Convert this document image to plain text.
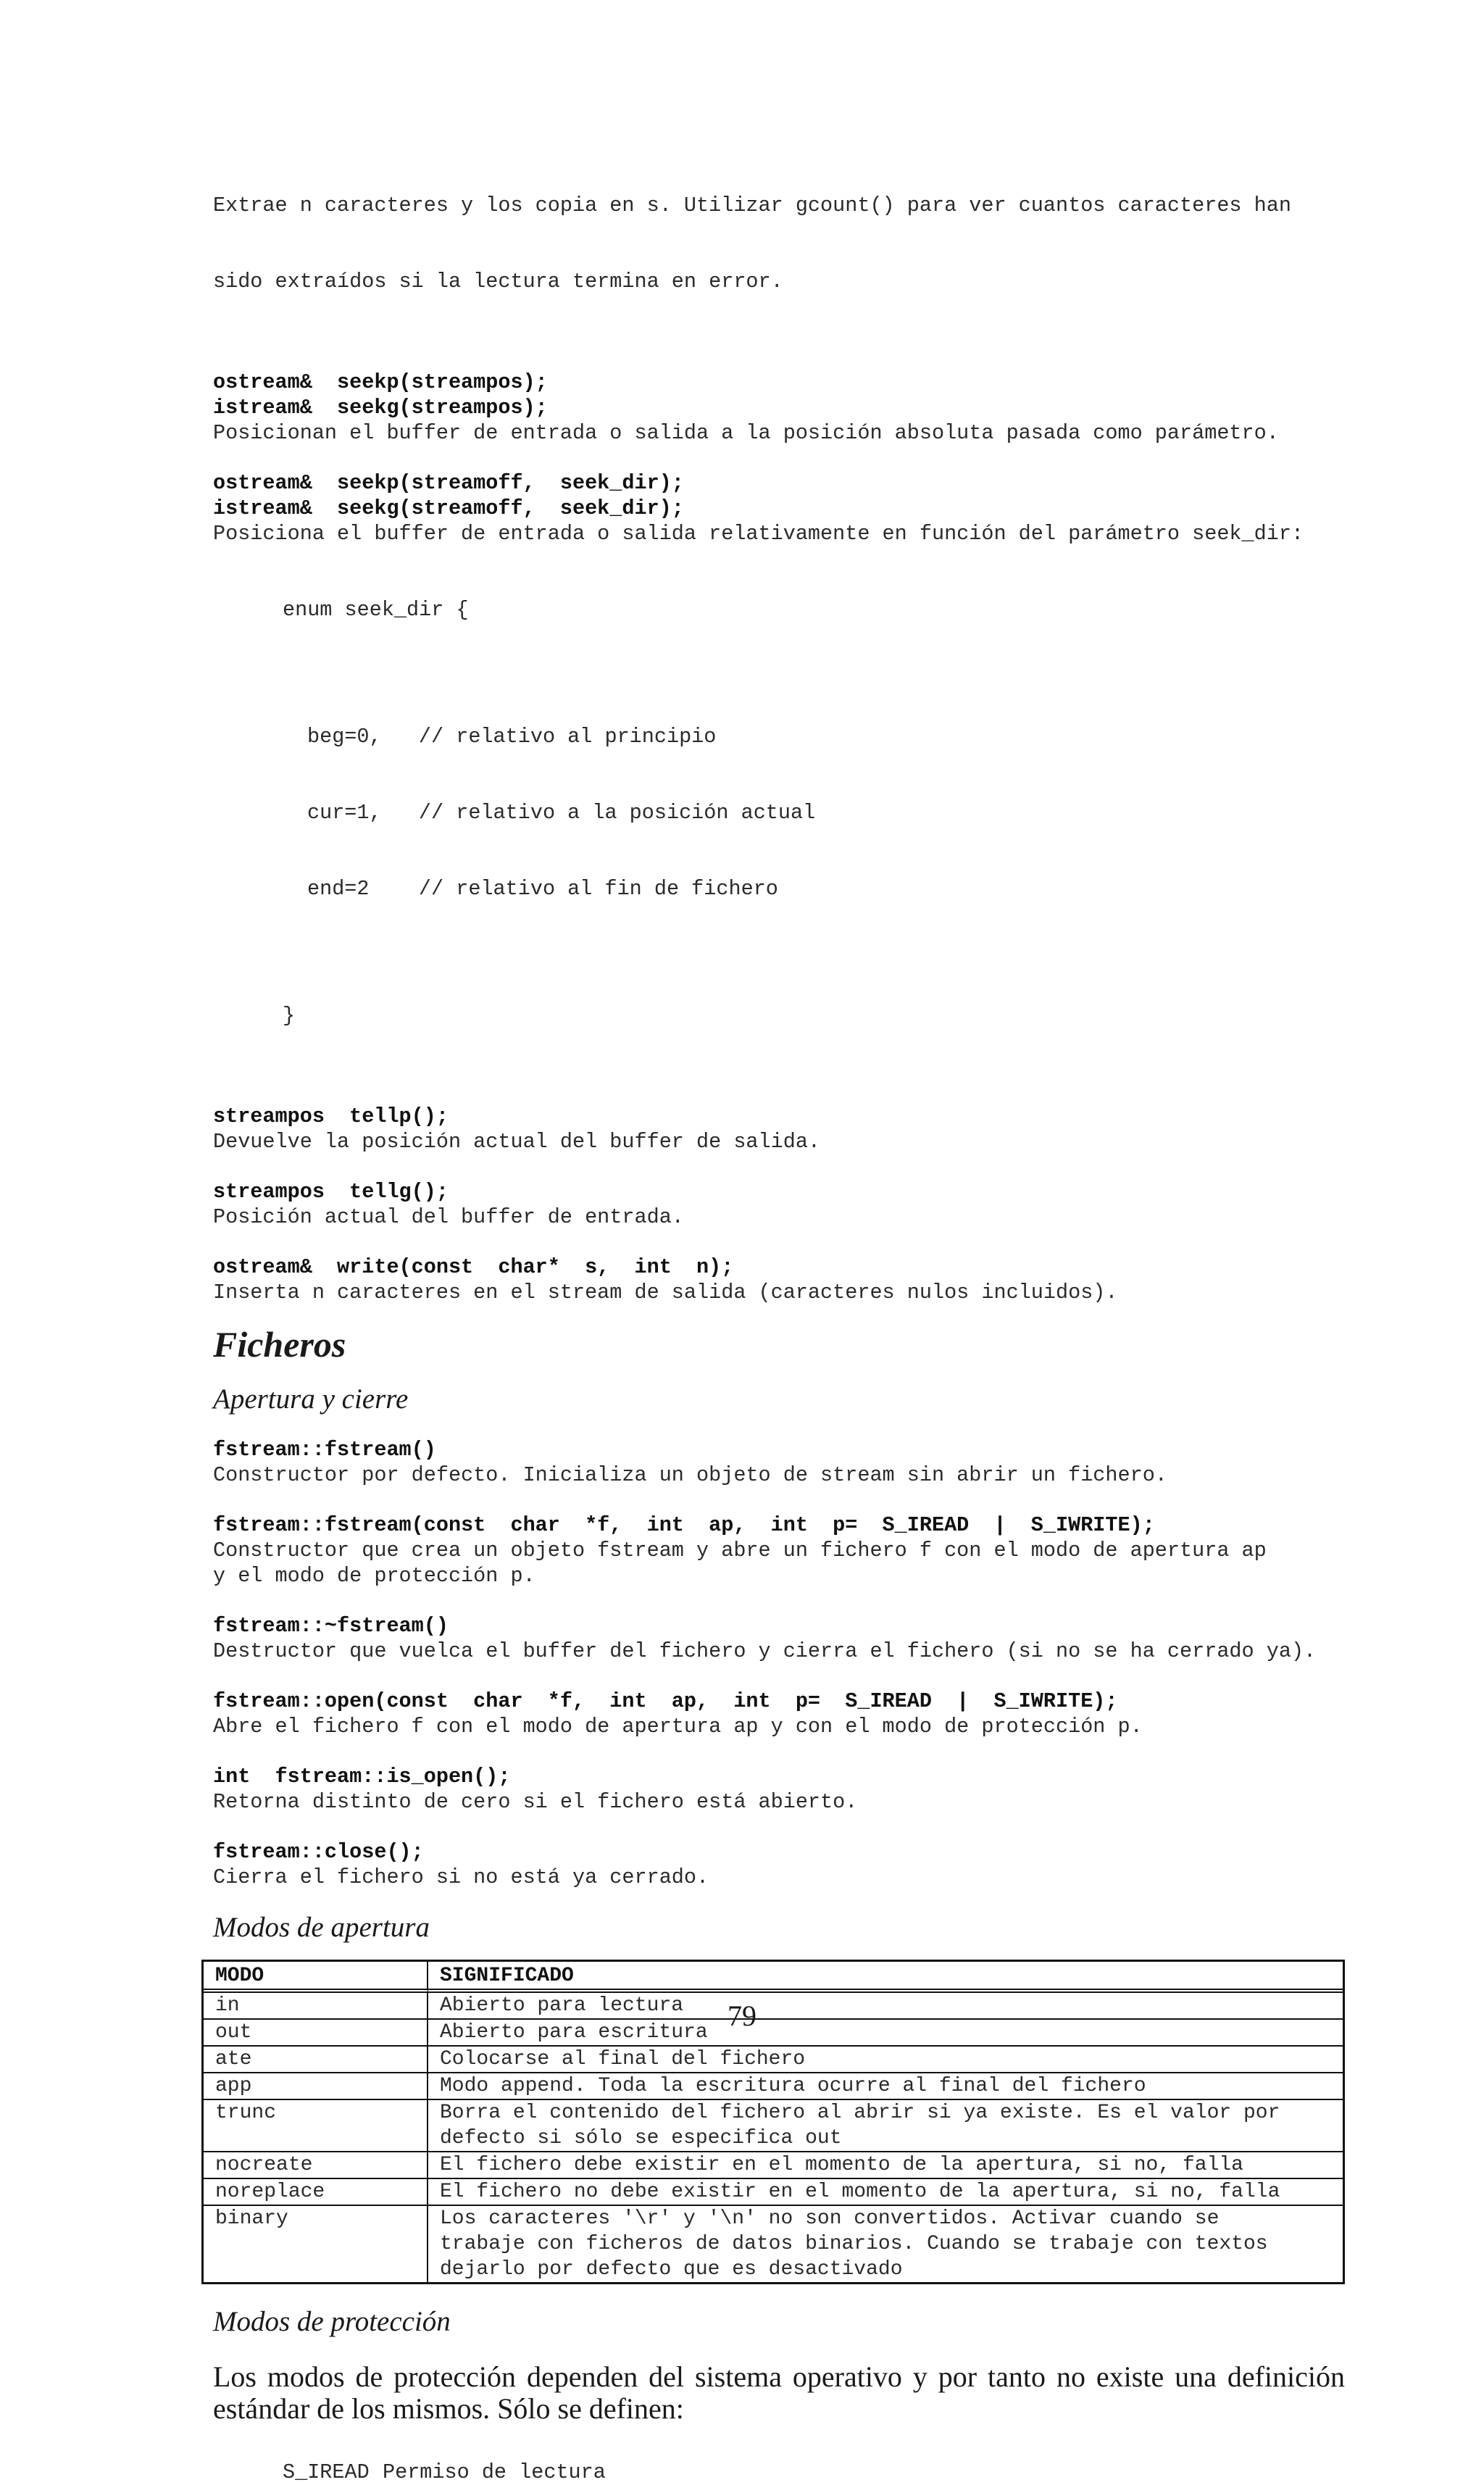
Extrae n caracteres y los copia en s. Utilizar gcount() para ver cuantos caracteres han

sido extraídos si la lectura termina en error.

ostream&  seekp(streampos);
istream&  seekg(streampos);
Posicionan el buffer de entrada o salida a la posición absoluta pasada como parámetro.
ostream&  seekp(streamoff,  seek_dir);
istream&  seekg(streamoff,  seek_dir);
Posiciona el buffer de entrada o salida relativamente en función del parámetro seek_dir:

enum seek_dir {

beg=0,   // relativo al principio

cur=1,   // relativo a la posición actual

end=2    // relativo al fin de fichero

}

streampos  tellp();
Devuelve la posición actual del buffer de salida.
streampos  tellg();
Posición actual del buffer de entrada.
ostream&  write(const  char*  s,  int  n);
Inserta n caracteres en el stream de salida (caracteres nulos incluidos).
Ficheros
Apertura y cierre
fstream::fstream()
Constructor por defecto. Inicializa un objeto de stream sin abrir un fichero.
fstream::fstream(const  char  *f,  int  ap,  int  p=  S_IREAD  |  S_IWRITE);
Constructor que crea un objeto fstream y abre un fichero f con el modo de apertura ap
y el modo de protección p.
fstream::~fstream()
Destructor que vuelca el buffer del fichero y cierra el fichero (si no se ha cerrado ya).
fstream::open(const  char  *f,  int  ap,  int  p=  S_IREAD  |  S_IWRITE);
Abre el fichero f con el modo de apertura ap y con el modo de protección p.
int  fstream::is_open();
Retorna distinto de cero si el fichero está abierto.
fstream::close();
Cierra el fichero si no está ya cerrado.
Modos de apertura
MODO	SIGNIFICADO
in	Abierto para lectura

out	Abierto para escritura

ate	Colocarse al final del fichero

app	Modo append. Toda la escritura ocurre al final del fichero

trunc	Borra el contenido del fichero al abrir si ya existe. Es el valor por
defecto si sólo se especifica out

nocreate	El fichero debe existir en el momento de la apertura, si no, falla

noreplace	El fichero no debe existir en el momento de la apertura, si no, falla

binary	Los caracteres '\r' y '\n' no son convertidos. Activar cuando se
trabaje con ficheros de datos binarios. Cuando se trabaje con textos
dejarlo por defecto que es desactivado
Modos de protección
Los modos de protección dependen del sistema operativo y por tanto no existe una definición estándar de los mismos. Sólo se definen:
S_IREAD Permiso de lectura
79
